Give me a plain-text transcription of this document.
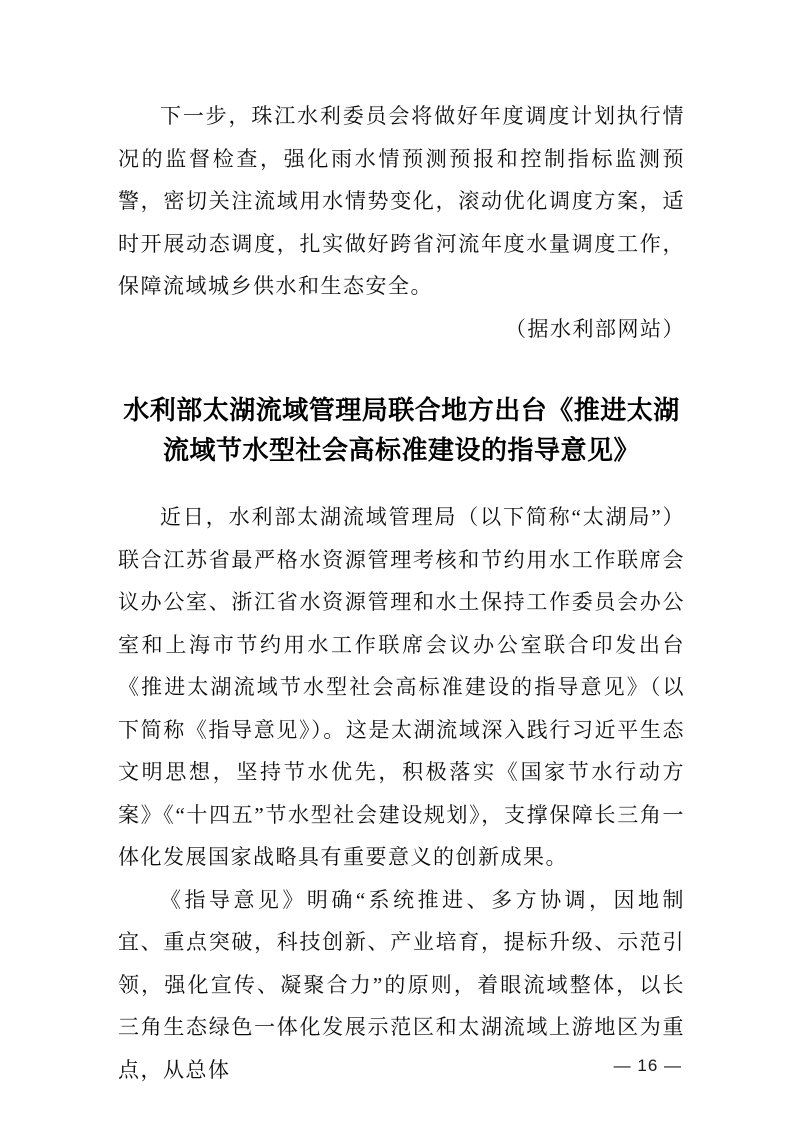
下一步，珠江水利委员会将做好年度调度计划执行情况的监督检查，强化雨水情预测预报和控制指标监测预警，密切关注流域用水情势变化，滚动优化调度方案，适时开展动态调度，扎实做好跨省河流年度水量调度工作，保障流域城乡供水和生态安全。

（据水利部网站）

水利部太湖流域管理局联合地方出台《推进太湖流域节水型社会高标准建设的指导意见》

近日，水利部太湖流域管理局（以下简称“太湖局”）联合江苏省最严格水资源管理考核和节约用水工作联席会议办公室、浙江省水资源管理和水土保持工作委员会办公室和上海市节约用水工作联席会议办公室联合印发出台《推进太湖流域节水型社会高标准建设的指导意见》（以下简称《指导意见》）。这是太湖流域深入践行习近平生态文明思想，坚持节水优先，积极落实《国家节水行动方案》《“十四五”节水型社会建设规划》，支撑保障长三角一体化发展国家战略具有重要意义的创新成果。

《指导意见》明确“系统推进、多方协调，因地制宜、重点突破，科技创新、产业培育，提标升级、示范引领，强化宣传、凝聚合力”的原则，着眼流域整体，以长三角生态绿色一体化发展示范区和太湖流域上游地区为重点，从总体	— 16 —
